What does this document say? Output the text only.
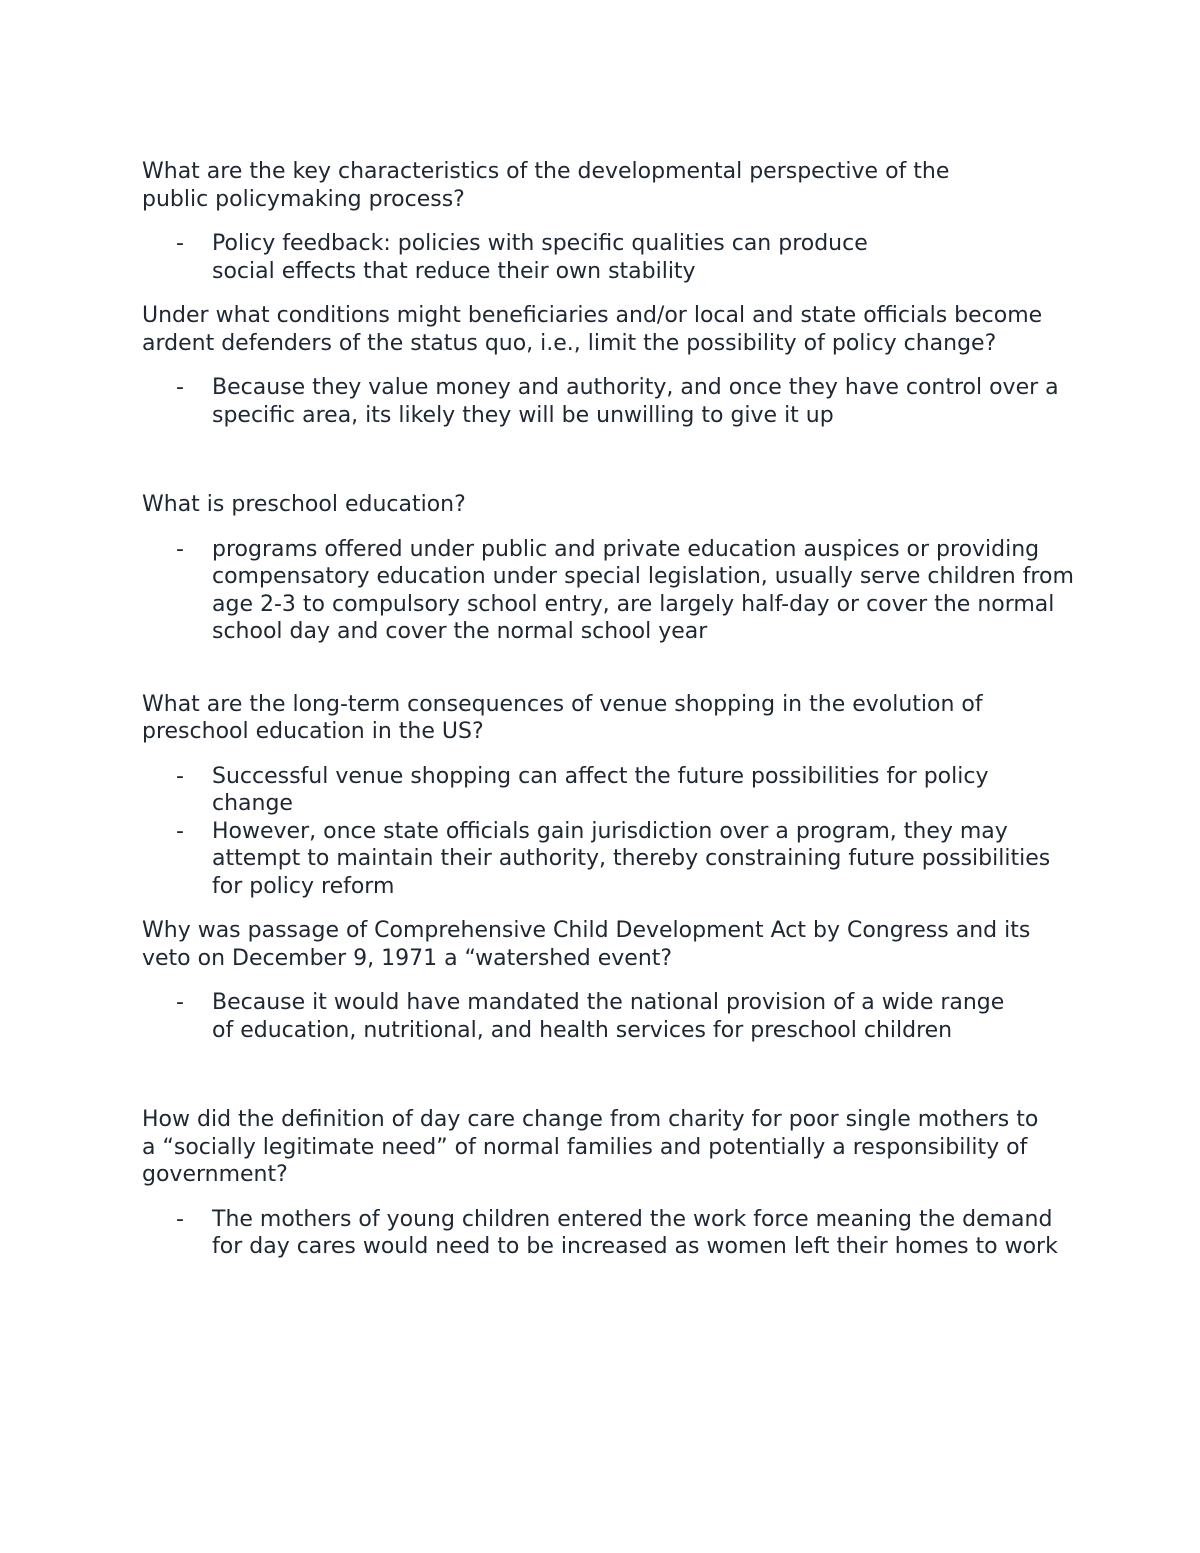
What are the key characteristics of the developmental perspective of the public policymaking process?

- Policy feedback: policies with specific qualities can produce social effects that reduce their own stability

Under what conditions might beneficiaries and/or local and state officials become ardent defenders of the status quo, i.e., limit the possibility of policy change?

- Because they value money and authority, and once they have control over a specific area, its likely they will be unwilling to give it up

What is preschool education?

- programs offered under public and private education auspices or providing compensatory education under special legislation, usually serve children from age 2-3 to compulsory school entry, are largely half-day or cover the normal school day and cover the normal school year

What are the long-term consequences of venue shopping in the evolution of preschool education in the US?

- Successful venue shopping can affect the future possibilities for policy change
- However, once state officials gain jurisdiction over a program, they may attempt to maintain their authority, thereby constraining future possibilities for policy reform

Why was passage of Comprehensive Child Development Act by Congress and its veto on December 9, 1971 a “watershed event?

- Because it would have mandated the national provision of a wide range of education, nutritional, and health services for preschool children

How did the definition of day care change from charity for poor single mothers to a “socially legitimate need” of normal families and potentially a responsibility of government?

- The mothers of young children entered the work force meaning the demand for day cares would need to be increased as women left their homes to work
